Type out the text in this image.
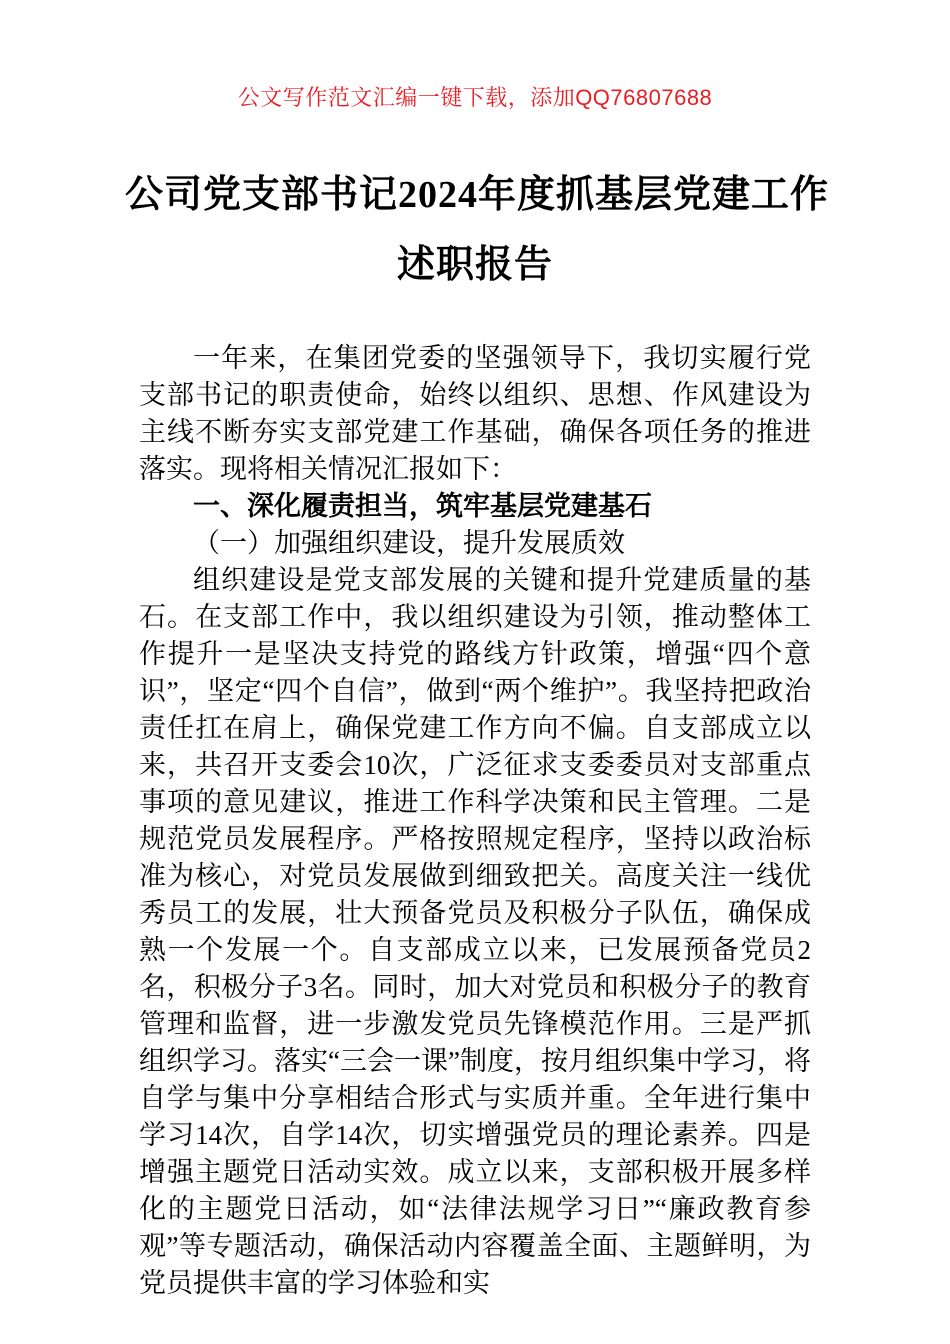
公文写作范文汇编一键下载，添加QQ76807688
公司党支部书记2024年度抓基层党建工作
述职报告

一年来，在集团党委的坚强领导下，我切实履行党支部书记的职责使命，始终以组织、思想、作风建设为主线不断夯实支部党建工作基础，确保各项任务的推进落实。现将相关情况汇报如下：

一、深化履责担当，筑牢基层党建基石

（一）加强组织建设，提升发展质效

组织建设是党支部发展的关键和提升党建质量的基石。在支部工作中，我以组织建设为引领，推动整体工作提升一是坚决支持党的路线方针政策，增强“四个意识”，坚定“四个自信”，做到“两个维护”。我坚持把政治责任扛在肩上，确保党建工作方向不偏。自支部成立以来，共召开支委会10次，广泛征求支委委员对支部重点事项的意见建议，推进工作科学决策和民主管理。二是规范党员发展程序。严格按照规定程序，坚持以政治标准为核心，对党员发展做到细致把关。高度关注一线优秀员工的发展，壮大预备党员及积极分子队伍，确保成熟一个发展一个。自支部成立以来，已发展预备党员2名，积极分子3名。同时，加大对党员和积极分子的教育管理和监督，进一步激发党员先锋模范作用。三是严抓组织学习。落实“三会一课”制度，按月组织集中学习，将自学与集中分享相结合形式与实质并重。全年进行集中学习14次，自学14次，切实增强党员的理论素养。四是增强主题党日活动实效。成立以来，支部积极开展多样化的主题党日活动，如“法律法规学习日”“廉政教育参观”等专题活动，确保活动内容覆盖全面、主题鲜明，为党员提供丰富的学习体验和实
